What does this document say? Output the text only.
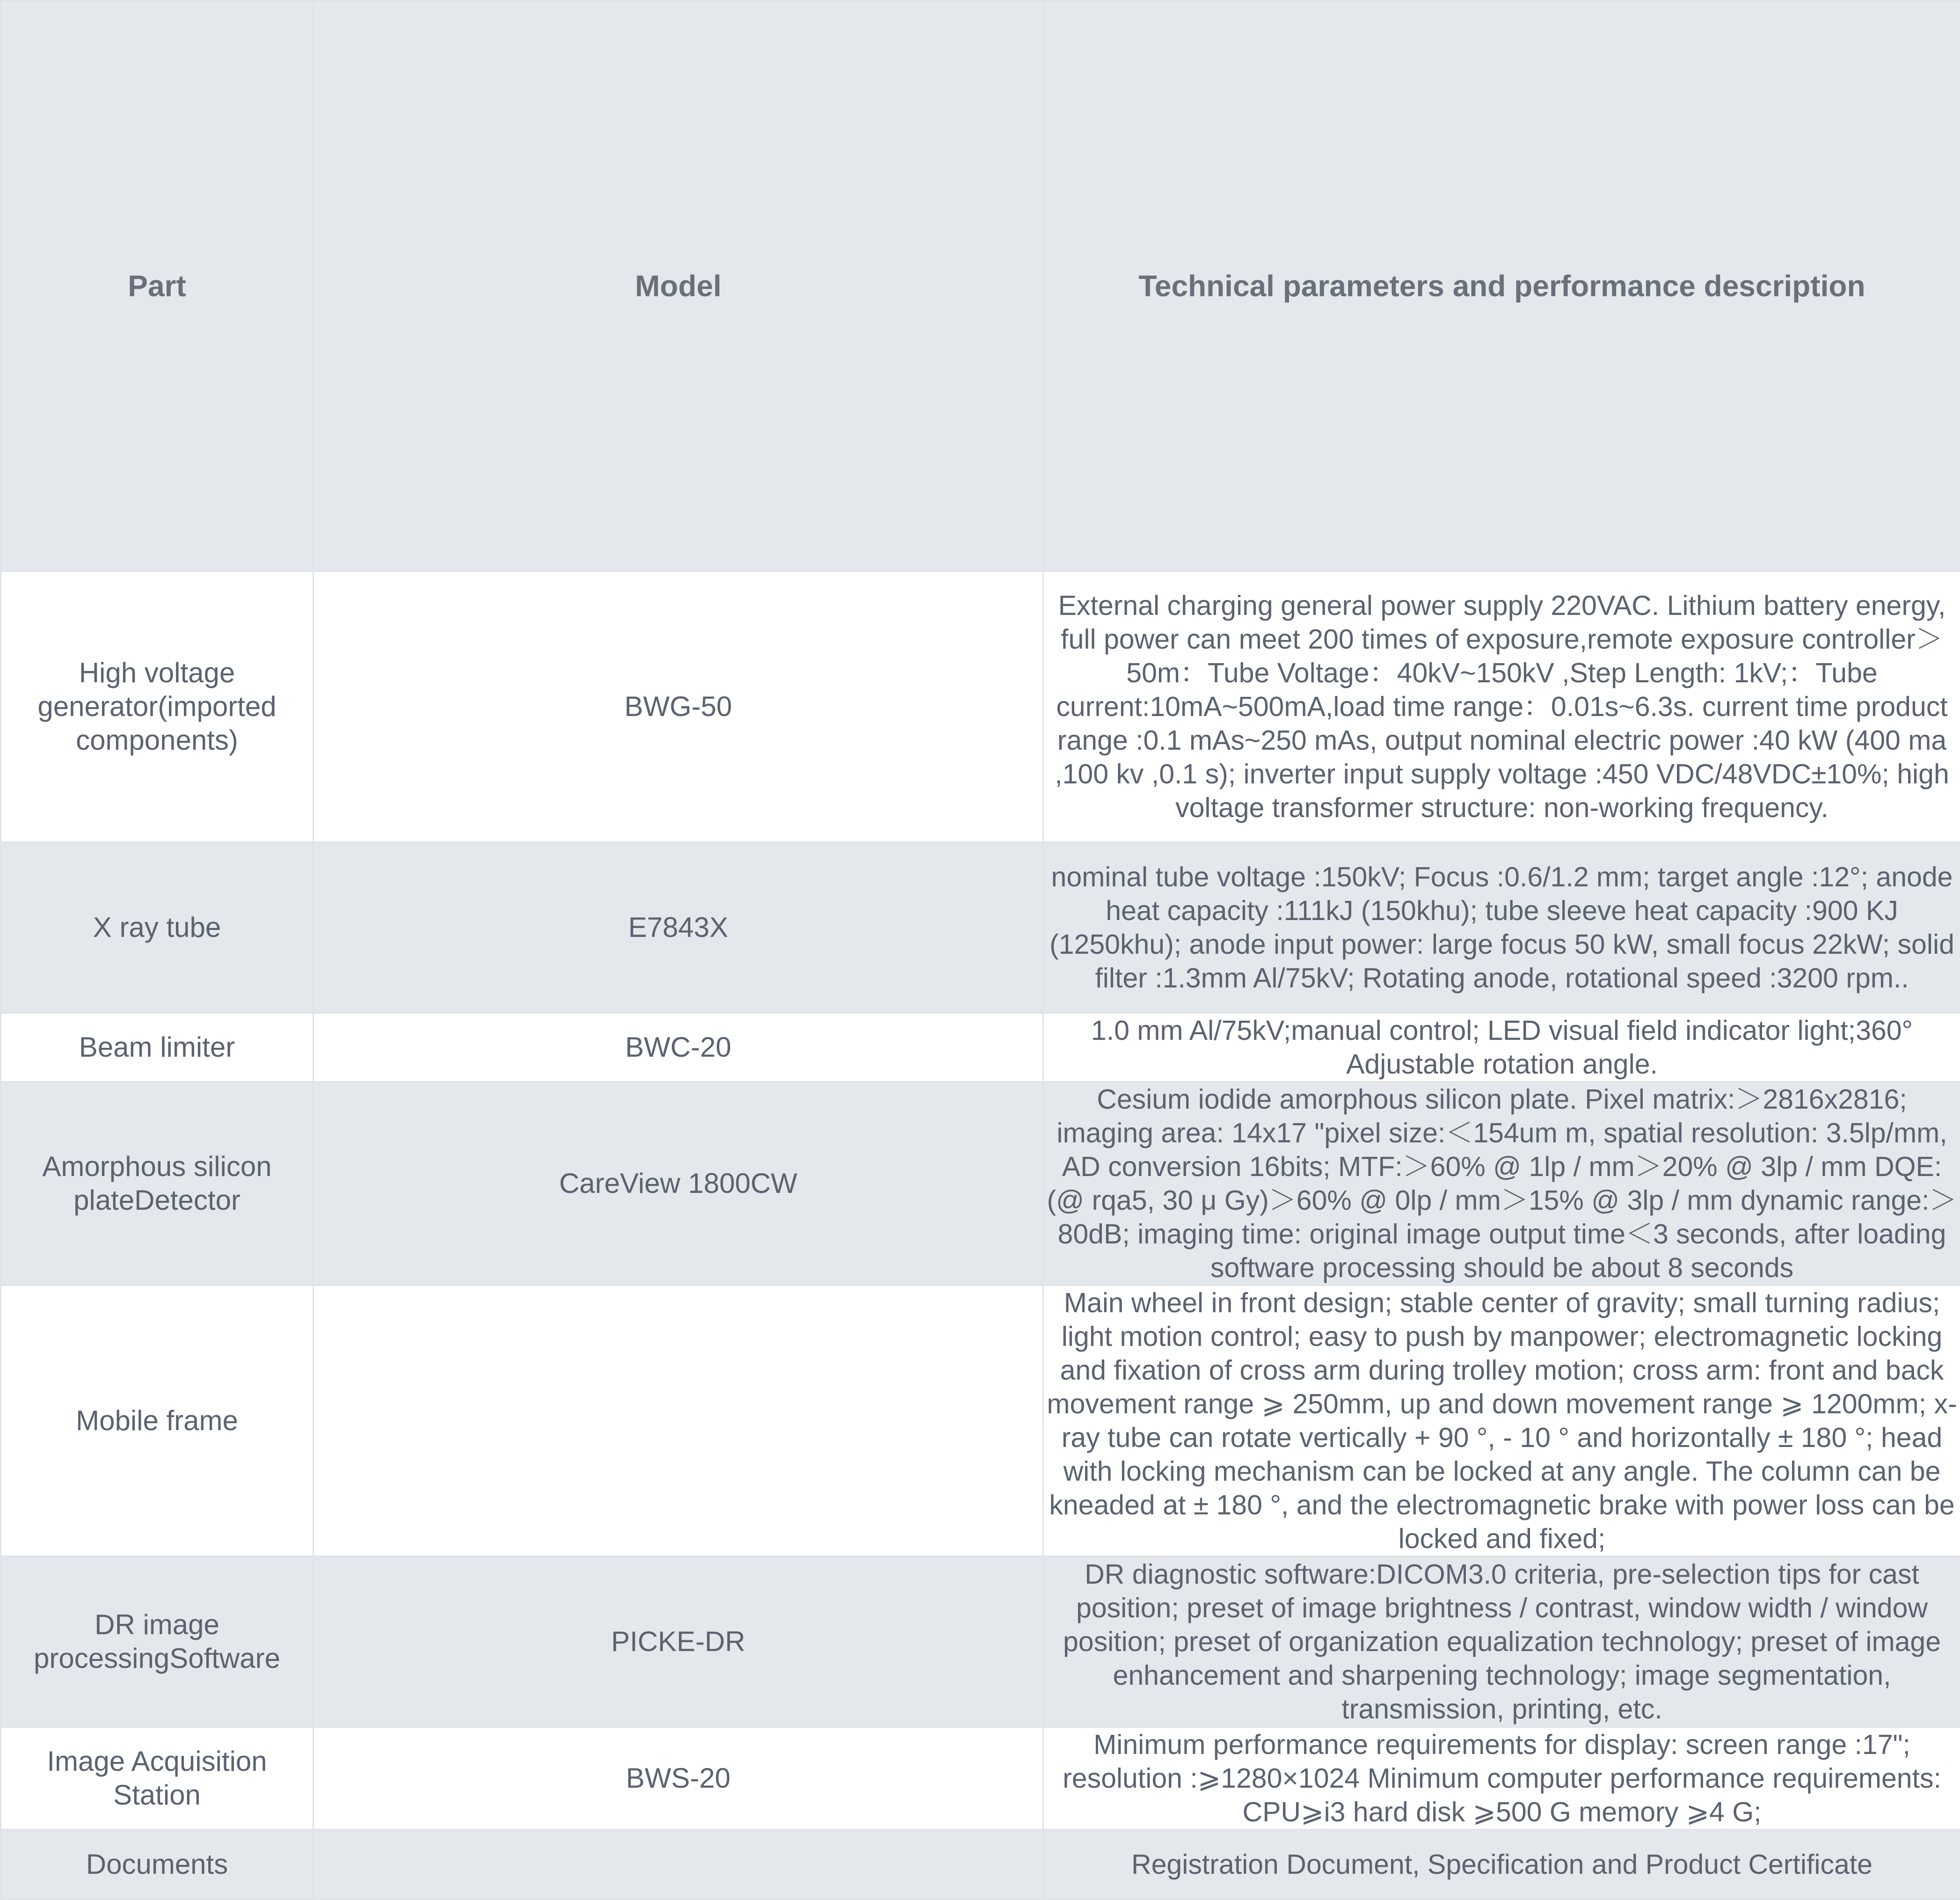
Part	Model	Technical parameters and performance description
High voltage generator(imported components)	BWG-50	External charging general power supply 220VAC. Lithium battery energy, full power can meet 200 times of exposure,remote exposure controller＞50m：Tube Voltage：40kV~150kV ,Step Length: 1kV;：Tube current:10mA~500mA,load time range：0.01s~6.3s. current time product range :0.1 mAs~250 mAs, output nominal electric power :40 kW (400 ma ,100 kv ,0.1 s); inverter input supply voltage :450 VDC/48VDC±10%; high voltage transformer structure: non-working frequency.
X ray tube	E7843X	nominal tube voltage :150kV; Focus :0.6/1.2 mm; target angle :12°; anode heat capacity :111kJ (150khu); tube sleeve heat capacity :900 KJ (1250khu); anode input power: large focus 50 kW, small focus 22kW; solid filter :1.3mm Al/75kV; Rotating anode, rotational speed :3200 rpm..
Beam limiter	BWC-20	1.0 mm Al/75kV;manual control; LED visual field indicator light;360° Adjustable rotation angle.
Amorphous silicon plateDetector	CareView 1800CW	Cesium iodide amorphous silicon plate. Pixel matrix:＞2816x2816; imaging area: 14x17 "pixel size:＜154um m, spatial resolution: 3.5lp/mm, AD conversion 16bits; MTF:＞60% @ 1lp / mm＞20% @ 3lp / mm DQE: (@ rqa5, 30 μ Gy)＞60% @ 0lp / mm＞15% @ 3lp / mm dynamic range:＞80dB; imaging time: original image output time＜3 seconds, after loading software processing should be about 8 seconds
Mobile frame		Main wheel in front design; stable center of gravity; small turning radius; light motion control; easy to push by manpower; electromagnetic locking and fixation of cross arm during trolley motion; cross arm: front and back movement range ⩾ 250mm, up and down movement range ⩾ 1200mm; x-ray tube can rotate vertically + 90 °, - 10 ° and horizontally ± 180 °; head with locking mechanism can be locked at any angle. The column can be kneaded at ± 180 °, and the electromagnetic brake with power loss can be locked and fixed;
DR image processingSoftware	PICKE-DR	DR diagnostic software:DICOM3.0 criteria, pre-selection tips for cast position; preset of image brightness / contrast, window width / window position; preset of organization equalization technology; preset of image enhancement and sharpening technology; image segmentation, transmission, printing, etc.
Image Acquisition Station	BWS-20	Minimum performance requirements for display: screen range :17"; resolution :⩾1280×1024 Minimum computer performance requirements: CPU⩾i3 hard disk ⩾500 G memory ⩾4 G;
Documents		Registration Document, Specification and Product Certificate
